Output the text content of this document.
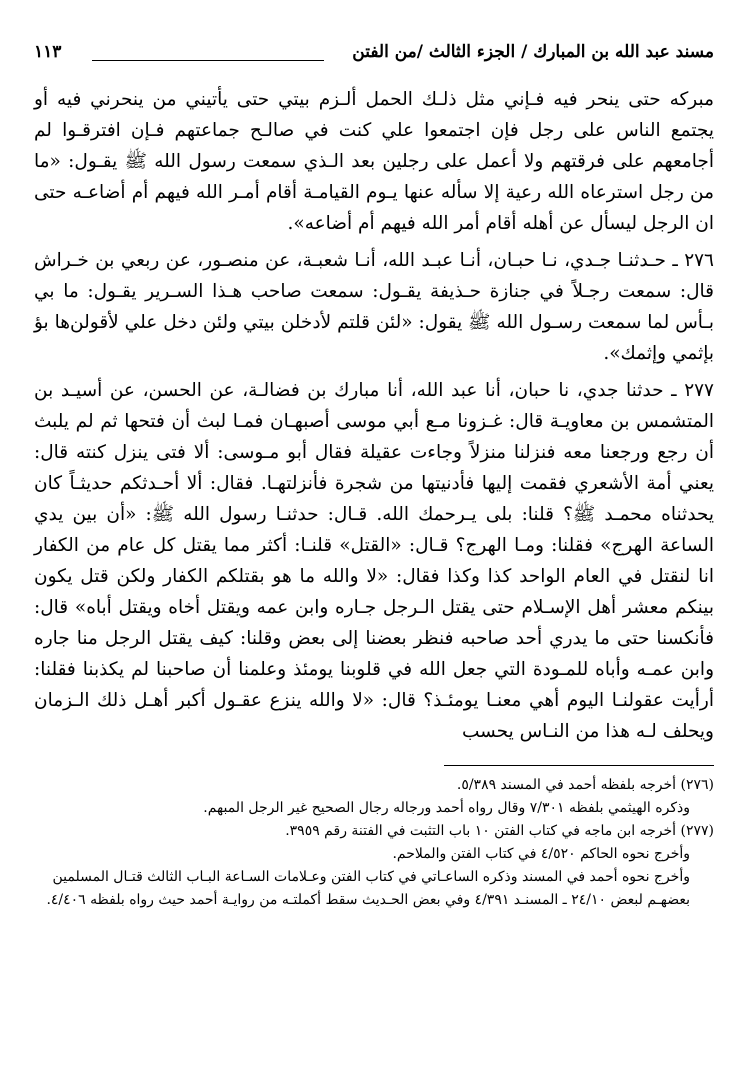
مسند عبد الله بن المبارك / الجزء الثالث /من الفتن
١١٣

مبركه حتى ينحر فيه فـإني مثل ذلـك الحمل ألـزم بيتي حتى يأتيني من ينحرني فيه أو يجتمع الناس على رجل فإن اجتمعوا علي كنت في صالـح جماعتهم فـإن افترقـوا لم أجامعهم على فرقتهم ولا أعمل على رجلين بعد الـذي سمعت رسول الله ﷺ يقـول: «ما من رجل استرعاه الله رعية إلا سأله عنها يـوم القيامـة أقام أمـر الله فيهم أم أضاعـه حتى ان الرجل ليسأل عن أهله أقام أمر الله فيهم أم أضاعه».

٢٧٦ ـ حـدثنـا جـدي، نـا حبـان، أنـا عبـد الله، أنـا شعبـة، عن منصـور، عن ربعي بن خـراش قال: سمعت رجـلاً في جنازة حـذيفة يقـول: سمعت صاحب هـذا السـرير يقـول: ما بي بـأس لما سمعت رسـول الله ﷺ يقول: «لئن قلتم لأدخلن بيتي ولئن دخل علي لأقولن‌ها بؤ بإثمي وإثمك».

٢٧٧ ـ حدثنا جدي، نا حبان، أنا عبد الله، أنا مبارك بن فضالـة، عن الحسن، عن أسيـد بن المتشمس بن معاويـة قال: غـزونا مـع أبي موسى أصبهـان فمـا لبث أن فتحها ثم لم يلبث أن رجع ورجعنا معه فنزلنا منزلاً وجاءت عقيلة فقال أبو مـوسى: ألا فتى ينزل كنته قال: يعني أمة الأشعري فقمت إليها فأدنيتها من شجرة فأنزلتهـا. فقال: ألا أحـدثكم حديثـاً كان يحدثناه محمـد ﷺ؟ قلنا: بلى يـرحمك الله. قـال: حدثنـا رسول الله ﷺ: «أن بين يدي الساعة الهرج» فقلنا: ومـا الهرج؟ قـال: «القتل» قلنـا: أكثر مما يقتل كل عام من الكفار انا لنقتل في العام الواحد كذا وكذا فقال: «لا والله ما هو بقتلكم الكفار ولكن قتل يكون بينكم معشر أهل الإسـلام حتى يقتل الـرجل جـاره وابن عمه ويقتل أخاه ويقتل أباه» قال: فأنكسنا حتى ما يدري أحد صاحبه فنظر بعضنا إلى بعض وقلنا: كيف يقتل الرجل منا جاره وابن عمـه وأباه للمـودة التي جعل الله في قلوبنا يومئذ وعلمنا أن صاحبنا لم يكذبنا فقلنا: أرأيت عقولنـا اليوم أهي معنـا يومئـذ؟ قال: «لا والله ينزع عقـول أكبر أهـل ذلك الـزمان ويحلف لـه هذا من النـاس يحسب

(٢٧٦) أخرجه بلفظه أحمد في المسند ٥/٣٨٩.

وذكره الهيثمي بلفظه ٧/٣٠١ وقال رواه أحمد ورجاله رجال الصحيح غير الرجل المبهم.

(٢٧٧) أخرجه ابن ماجه في كتاب الفتن ١٠ باب التثبت في الفتنة رقم ٣٩٥٩.

وأخرج نحوه الحاكم ٤/٥٢٠ في كتاب الفتن والملاحم.

وأخرج نحوه أحمد في المسند وذكره الساعـاتي في كتاب الفتن وعـلامات السـاعة البـاب الثالث قتـال المسلمين بعضهـم لبعض ٢٤/١٠ ـ المسنـد ٤/٣٩١ وفي بعض الحـديث سقط أكملتـه من روايـة أحمد حيث رواه بلفظه ٤/٤٠٦.
